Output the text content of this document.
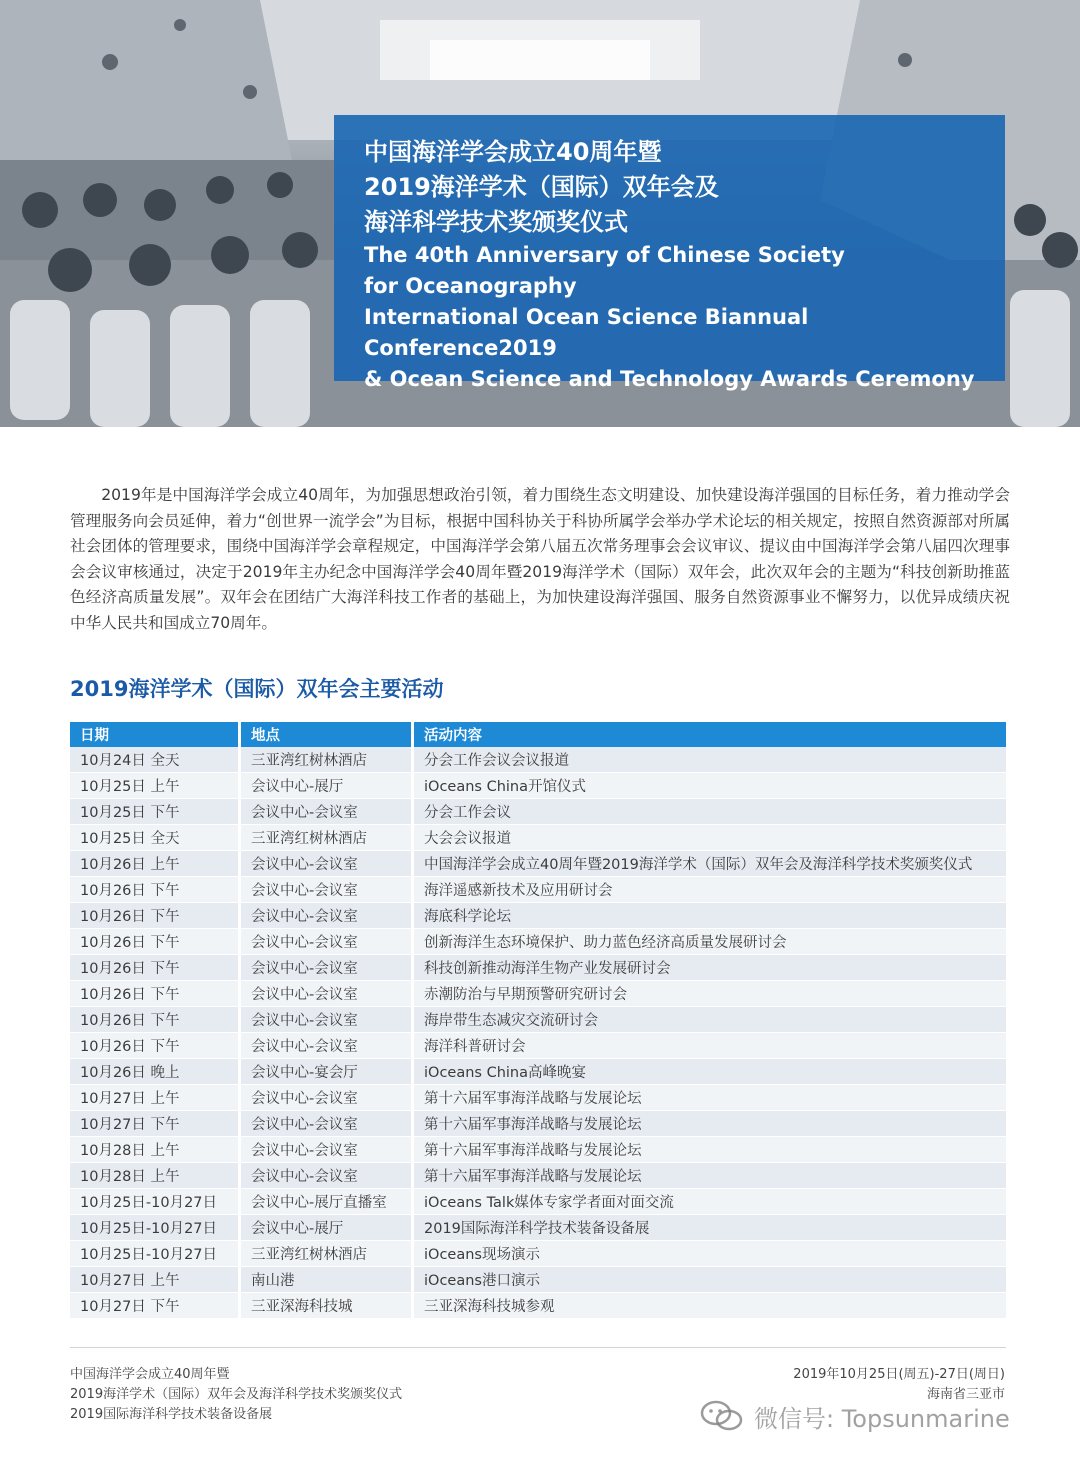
中国海洋学会成立40周年暨

2019海洋学术（国际）双年会及

海洋科学技术奖颁奖仪式

The 40th Anniversary of Chinese Society

for Oceanography

International Ocean Science Biannual Conference2019

& Ocean Science and Technology Awards Ceremony

2019年是中国海洋学会成立40周年，为加强思想政治引领，着力围绕生态文明建设、加快建设海洋强国的目标任务，着力推动学会管理服务向会员延伸，着力“创世界一流学会”为目标，根据中国科协关于科协所属学会举办学术论坛的相关规定，按照自然资源部对所属社会团体的管理要求，围绕中国海洋学会章程规定，中国海洋学会第八届五次常务理事会会议审议、提议由中国海洋学会第八届四次理事会会议审核通过，决定于2019年主办纪念中国海洋学会40周年暨2019海洋学术（国际）双年会，此次双年会的主题为“科技创新助推蓝色经济高质量发展”。双年会在团结广大海洋科技工作者的基础上，为加快建设海洋强国、服务自然资源事业不懈努力，以优异成绩庆祝中华人民共和国成立70周年。

2019海洋学术（国际）双年会主要活动
日期	地点	活动内容
10月24日 全天	三亚湾红树林酒店	分会工作会议会议报道
10月25日 上午	会议中心-展厅	iOceans China开馆仪式
10月25日 下午	会议中心-会议室	分会工作会议
10月25日 全天	三亚湾红树林酒店	大会会议报道
10月26日 上午	会议中心-会议室	中国海洋学会成立40周年暨2019海洋学术（国际）双年会及海洋科学技术奖颁奖仪式
10月26日 下午	会议中心-会议室	海洋遥感新技术及应用研讨会
10月26日 下午	会议中心-会议室	海底科学论坛
10月26日 下午	会议中心-会议室	创新海洋生态环境保护、助力蓝色经济高质量发展研讨会
10月26日 下午	会议中心-会议室	科技创新推动海洋生物产业发展研讨会
10月26日 下午	会议中心-会议室	赤潮防治与早期预警研究研讨会
10月26日 下午	会议中心-会议室	海岸带生态减灾交流研讨会
10月26日 下午	会议中心-会议室	海洋科普研讨会
10月26日 晚上	会议中心-宴会厅	iOceans China高峰晚宴
10月27日 上午	会议中心-会议室	第十六届军事海洋战略与发展论坛
10月27日 下午	会议中心-会议室	第十六届军事海洋战略与发展论坛
10月28日 上午	会议中心-会议室	第十六届军事海洋战略与发展论坛
10月28日 上午	会议中心-会议室	第十六届军事海洋战略与发展论坛
10月25日-10月27日	会议中心-展厅直播室	iOceans Talk媒体专家学者面对面交流
10月25日-10月27日	会议中心-展厅	2019国际海洋科学技术装备设备展
10月25日-10月27日	三亚湾红树林酒店	iOceans现场演示
10月27日 上午	南山港	iOceans港口演示
10月27日 下午	三亚深海科技城	三亚深海科技城参观
中国海洋学会成立40周年暨
2019海洋学术（国际）双年会及海洋科学技术奖颁奖仪式
2019国际海洋科学技术装备设备展
2019年10月25日(周五)-27日(周日)
海南省三亚市
微信号: Topsunmarine
